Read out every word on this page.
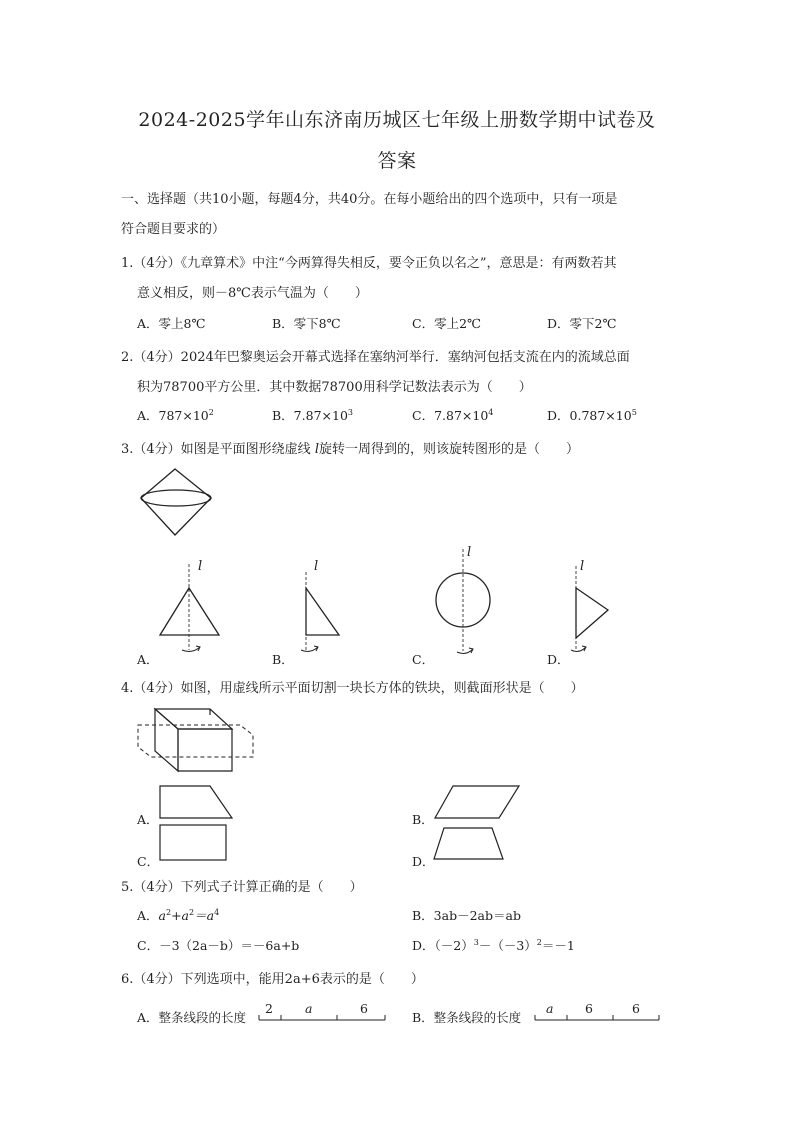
2024-2025学年山东济南历城区七年级上册数学期中试卷及
答案
一、选择题（共10小题，每题4分，共40分。在每小题给出的四个选项中，只有一项是
符合题目要求的）
1.（4分）《九章算术》中注“今两算得失相反，要令正负以名之”，意思是：有两数若其
意义相反，则－8℃表示气温为（　　）
A．零上8℃	B．零下8℃	C．零上2℃	D．零下2℃
2.（4分）2024年巴黎奥运会开幕式选择在塞纳河举行．塞纳河包括支流在内的流域总面
积为78700平方公里．其中数据78700用科学记数法表示为（　　）
A．$787\times 10^2$	B．$7.87\times 10^3$	C．$7.87\times 10^4$	D．$0.787\times 10^5$
3.（4分）如图是平面图形绕虚线 l旋转一周得到的，则该旋转图形的是（　　）
l	l
l
l
A．	B．	C．	D．
4.（4分）如图，用虚线所示平面切割一块长方体的铁块，则截面形状是（　　）
A．	B．
C．	D．
5.（4分）下列式子计算正确的是（　　）
A．$a^2+a^2=a^4$	B．3ab－2ab＝ab
C．－3（2a－b）＝－6a+b	D．$(-2)^3-(-3)^2=-1$
6.（4分）下列选项中，能用2a+6表示的是（　　）
A．整条线段的长度
2	a	6
B．整条线段的长度
a	6	6
